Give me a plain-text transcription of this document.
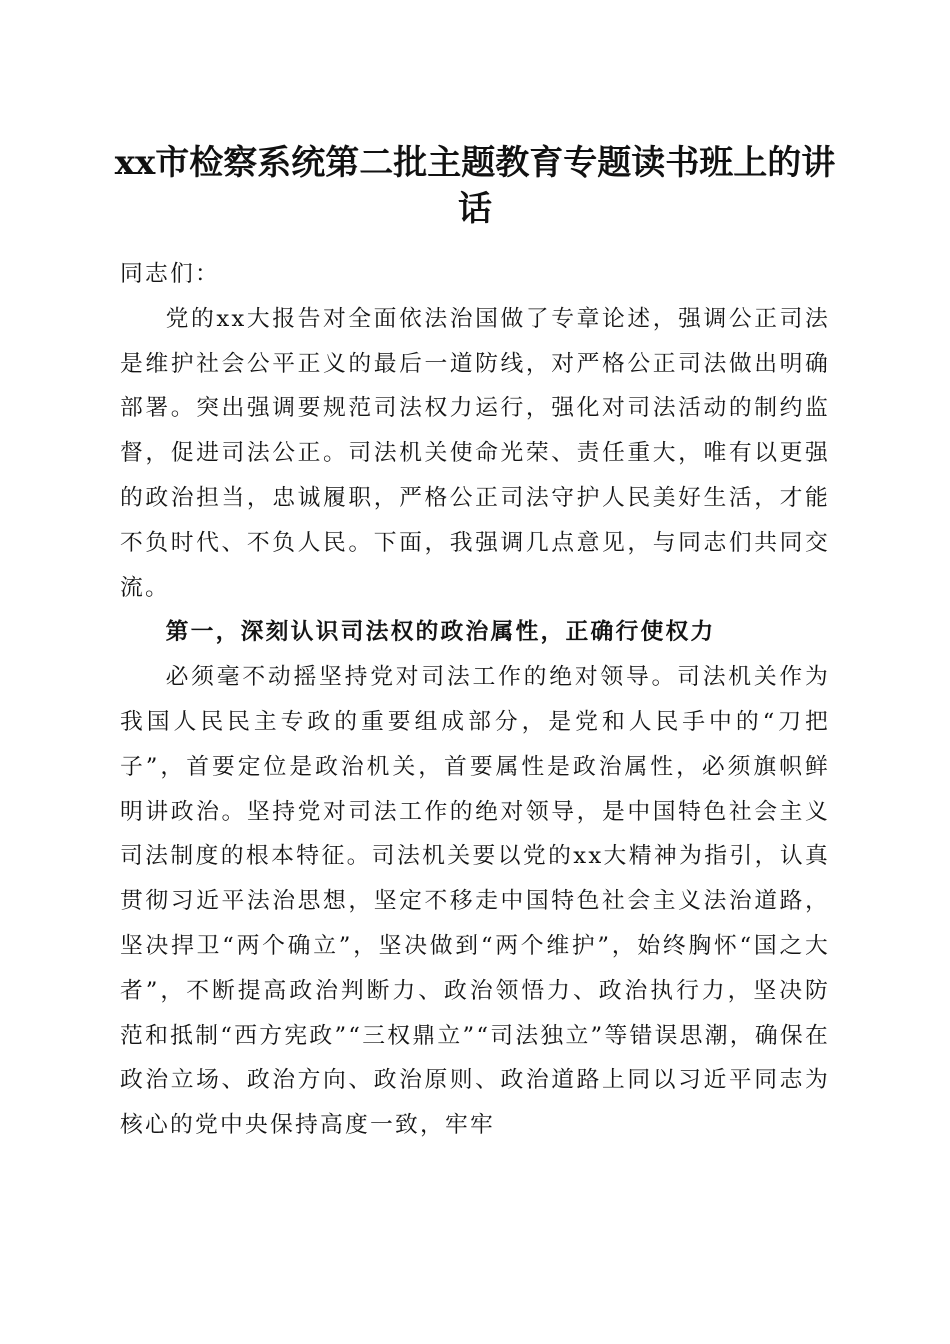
xx市检察系统第二批主题教育专题读书班上的讲话

同志们：

党的xx大报告对全面依法治国做了专章论述，强调公正司法是维护社会公平正义的最后一道防线，对严格公正司法做出明确部署。突出强调要规范司法权力运行，强化对司法活动的制约监督，促进司法公正。司法机关使命光荣、责任重大，唯有以更强的政治担当，忠诚履职，严格公正司法守护人民美好生活，才能不负时代、不负人民。下面，我强调几点意见，与同志们共同交流。

第一，深刻认识司法权的政治属性，正确行使权力

必须毫不动摇坚持党对司法工作的绝对领导。司法机关作为我国人民民主专政的重要组成部分，是党和人民手中的“刀把子”，首要定位是政治机关，首要属性是政治属性，必须旗帜鲜明讲政治。坚持党对司法工作的绝对领导，是中国特色社会主义司法制度的根本特征。司法机关要以党的xx大精神为指引，认真贯彻习近平法治思想，坚定不移走中国特色社会主义法治道路，坚决捍卫“两个确立”，坚决做到“两个维护”，始终胸怀“国之大者”，不断提高政治判断力、政治领悟力、政治执行力，坚决防范和抵制“西方宪政”“三权鼎立”“司法独立”等错误思潮，确保在政治立场、政治方向、政治原则、政治道路上同以习近平同志为核心的党中央保持高度一致，牢牢
